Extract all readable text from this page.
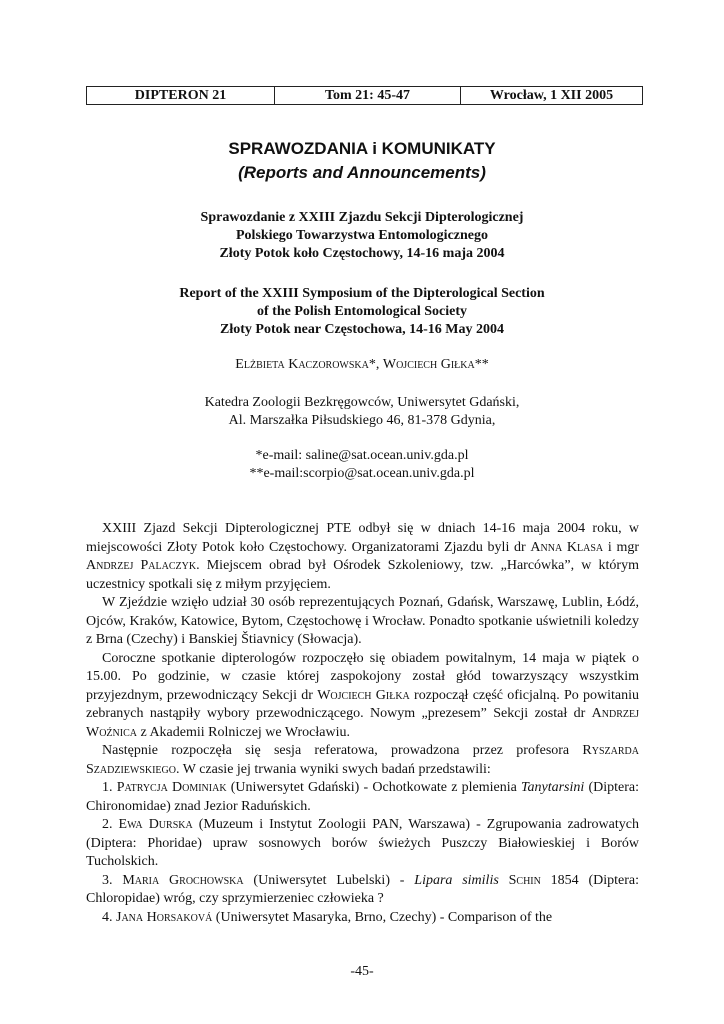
DIPTERON 21	Tom 21: 45-47	Wrocław, 1 XII 2005
SPRAWOZDANIA i KOMUNIKATY
(Reports and Announcements)
Sprawozdanie z XXIII Zjazdu Sekcji Dipterologicznej
Polskiego Towarzystwa Entomologicznego
Złoty Potok koło Częstochowy, 14-16 maja 2004
Report of the XXIII Symposium of the Dipterological Section
of the Polish Entomological Society
Złoty Potok near Częstochowa, 14-16 May 2004
Elżbieta Kaczorowska*, Wojciech Giłka**
Katedra Zoologii Bezkręgowców, Uniwersytet Gdański,
Al. Marszałka Piłsudskiego 46, 81-378 Gdynia,
*e-mail: saline@sat.ocean.univ.gda.pl
**e-mail:scorpio@sat.ocean.univ.gda.pl

XXIII Zjazd Sekcji Dipterologicznej PTE odbył się w dniach 14-16 maja 2004 roku, w miejscowości Złoty Potok koło Częstochowy. Organizatorami Zjazdu byli dr Anna Klasa i mgr Andrzej Palaczyk. Miejscem obrad był Ośrodek Szkoleniowy, tzw. „Harcówka”, w którym uczestnicy spotkali się z miłym przyjęciem.

W Zjeździe wzięło udział 30 osób reprezentujących Poznań, Gdańsk, Warszawę, Lublin, Łódź, Ojców, Kraków, Katowice, Bytom, Częstochowę i Wrocław. Ponadto spotkanie uświetnili koledzy z Brna (Czechy) i Banskiej Štiavnicy (Słowacja).

Coroczne spotkanie dipterologów rozpoczęło się obiadem powitalnym, 14 maja w piątek o 15.00. Po godzinie, w czasie której zaspokojony został głód towarzyszący wszystkim przyjezdnym, przewodniczący Sekcji dr Wojciech Giłka rozpoczął część oficjalną. Po powitaniu zebranych nastąpiły wybory przewodniczącego. Nowym „prezesem” Sekcji został dr Andrzej Woźnica z Akademii Rolniczej we Wrocławiu.

Następnie rozpoczęła się sesja referatowa, prowadzona przez profesora Ryszarda Szadziewskiego. W czasie jej trwania wyniki swych badań przedstawili:

1. Patrycja Dominiak (Uniwersytet Gdański) - Ochotkowate z plemienia Tanytarsini (Diptera: Chironomidae) znad Jezior Raduńskich.

2. Ewa Durska (Muzeum i Instytut Zoologii PAN, Warszawa) - Zgrupowania zadrowatych (Diptera: Phoridae) upraw sosnowych borów świeżych Puszczy Białowieskiej i Borów Tucholskich.

3. Maria Grochowska (Uniwersytet Lubelski) - Lipara similis Schin 1854 (Diptera: Chloropidae) wróg, czy sprzymierzeniec człowieka ?

4. Jana Horsaková (Uniwersytet Masaryka, Brno, Czechy) - Comparison of the

-45-
